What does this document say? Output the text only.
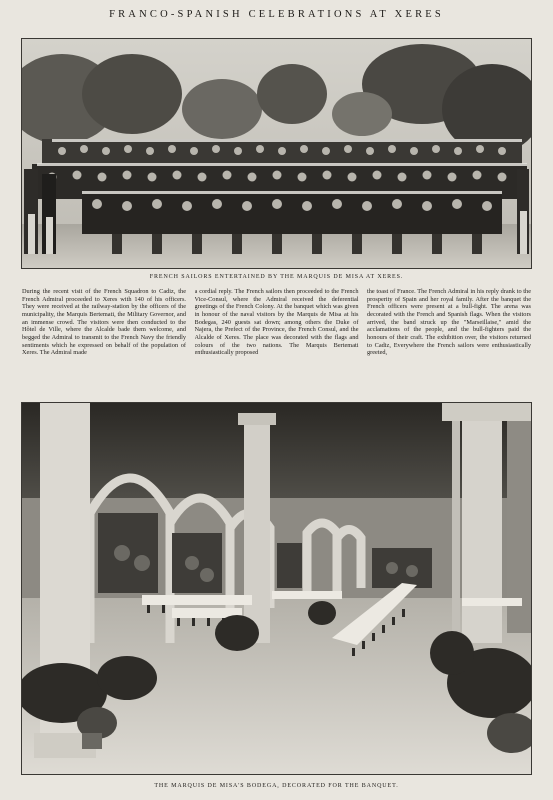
FRANCO-SPANISH CELEBRATIONS AT XERES
FRENCH SAILORS ENTERTAINED BY THE MARQUIS DE MISA AT XERES.
During the recent visit of the French Squadron to Cadiz, the French Admiral proceeded to Xeres with 140 of his officers. They were received at the railway-station by the officers of the municipality, the Marquis Bertemati, the Military Governor, and an immense crowd. The visitors were then conducted to the Hôtel de Ville, where the Alcalde bade them welcome, and begged the Admiral to transmit to the French Navy the friendly sentiments which he expressed on behalf of the population of Xeres. The Admiral made
a cordial reply. The French sailors then proceeded to the French Vice-Consul, where the Admiral received the deferential greetings of the French Colony. At the banquet which was given in honour of the naval visitors by the Marquis de Misa at his Bodegas, 240 guests sat down; among others the Duke of Najera, the Prefect of the Province, the French Consul, and the Alcalde of Xeres. The place was decorated with the flags and colours of the two nations. The Marquis Bertemati enthusiastically proposed
the toast of France. The French Admiral in his reply drank to the prosperity of Spain and her royal family. After the banquet the French officers were present at a bull-fight. The arena was decorated with the French and Spanish flags. When the visitors arrived, the band struck up the "Marseillaise," amid the acclamations of the people, and the bull-fighters paid the honours of their craft. The exhibition over, the visitors returned to Cadiz, Everywhere the French sailors were enthusiastically greeted,
THE MARQUIS DE MISA'S BODEGA, DECORATED FOR THE BANQUET.
